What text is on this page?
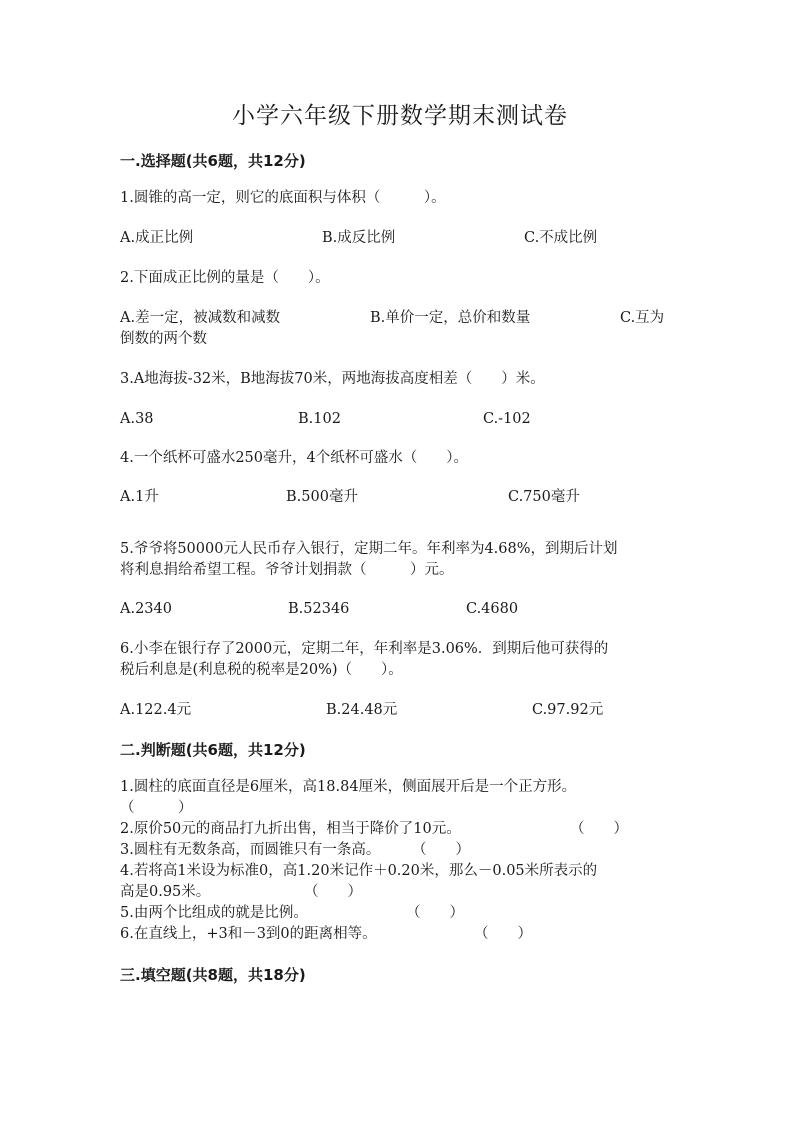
小学六年级下册数学期末测试卷
一.选择题(共6题，共12分)
1.圆锥的高一定，则它的底面积与体积（　　　）。
A.成正比例	B.成反比例	C.不成比例
2.下面成正比例的量是（　　）。
A.差一定，被减数和减数	B.单价一定，总价和数量	C.互为
倒数的两个数
3.A地海拔-32米，B地海拔70米，两地海拔高度相差（　　）米。
A.38	B.102	C.-102
4.一个纸杯可盛水250毫升，4个纸杯可盛水（　　）。
A.1升	B.500毫升	C.750毫升
5.爷爷将50000元人民币存入银行，定期二年。年利率为4.68%，到期后计划
将利息捐给希望工程。爷爷计划捐款（　　　）元。
A.2340	B.52346	C.4680
6.小李在银行存了2000元，定期二年，年利率是3.06%．到期后他可获得的
税后利息是(利息税的税率是20%)（　　）。
A.122.4元	B.24.48元	C.97.92元
二.判断题(共6题，共12分)
1.圆柱的底面直径是6厘米，高18.84厘米，侧面展开后是一个正方形。
（　　　）
2.原价50元的商品打九折出售，相当于降价了10元。	（　　）
3.圆柱有无数条高，而圆锥只有一条高。	（　　）
4.若将高1米设为标准0，高1.20米记作＋0.20米，那么－0.05米所表示的
高是0.95米。	（　　）
5.由两个比组成的就是比例。	（　　）
6.在直线上，+3和－3到0的距离相等。	（　　）
三.填空题(共8题，共18分)
